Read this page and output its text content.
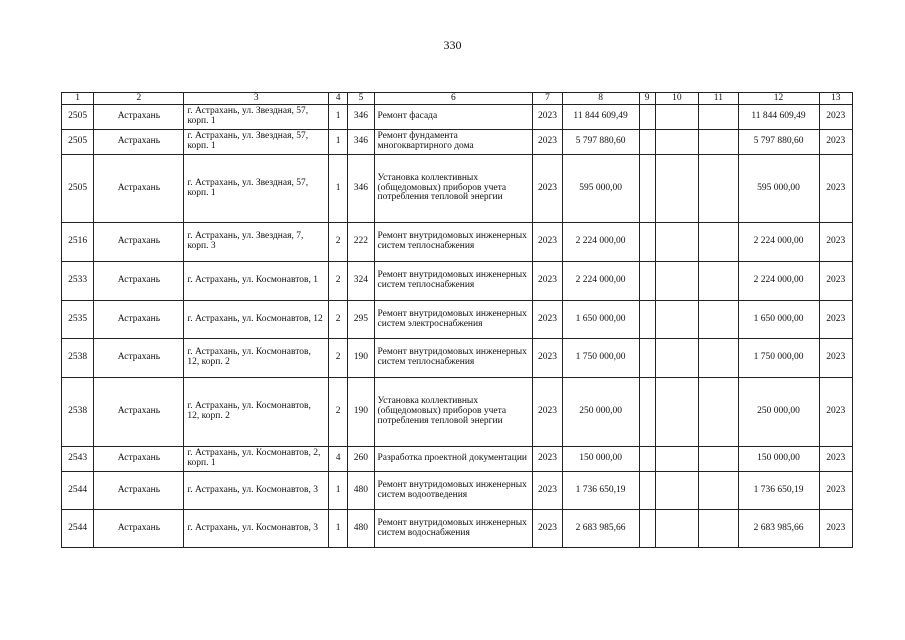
330
1	2	3	4	5	6	7	8	9	10	11	12	13
2505	Астрахань	г. Астрахань, ул. Звездная, 57, корп. 1	1	346	Ремонт фасада	2023	11 844 609,49				11 844 609,49	2023
2505	Астрахань	г. Астрахань, ул. Звездная, 57, корп. 1	1	346	Ремонт фундамента многоквартирного дома	2023	5 797 880,60				5 797 880,60	2023
2505	Астрахань	г. Астрахань, ул. Звездная, 57, корп. 1	1	346	Установка коллективных (общедомовых) приборов учета потребления тепловой энергии	2023	595 000,00				595 000,00	2023
2516	Астрахань	г. Астрахань, ул. Звездная, 7, корп. 3	2	222	Ремонт внутридомовых инженерных систем теплоснабжения	2023	2 224 000,00				2 224 000,00	2023
2533	Астрахань	г. Астрахань, ул. Космонавтов, 1	2	324	Ремонт внутридомовых инженерных систем теплоснабжения	2023	2 224 000,00				2 224 000,00	2023
2535	Астрахань	г. Астрахань, ул. Космонавтов, 12	2	295	Ремонт внутридомовых инженерных систем электроснабжения	2023	1 650 000,00				1 650 000,00	2023
2538	Астрахань	г. Астрахань, ул. Космонавтов, 12, корп. 2	2	190	Ремонт внутридомовых инженерных систем теплоснабжения	2023	1 750 000,00				1 750 000,00	2023
2538	Астрахань	г. Астрахань, ул. Космонавтов, 12, корп. 2	2	190	Установка коллективных (общедомовых) приборов учета потребления тепловой энергии	2023	250 000,00				250 000,00	2023
2543	Астрахань	г. Астрахань, ул. Космонавтов, 2, корп. 1	4	260	Разработка проектной документации	2023	150 000,00				150 000,00	2023
2544	Астрахань	г. Астрахань, ул. Космонавтов, 3	1	480	Ремонт внутридомовых инженерных систем водоотведения	2023	1 736 650,19				1 736 650,19	2023
2544	Астрахань	г. Астрахань, ул. Космонавтов, 3	1	480	Ремонт внутридомовых инженерных систем водоснабжения	2023	2 683 985,66				2 683 985,66	2023
